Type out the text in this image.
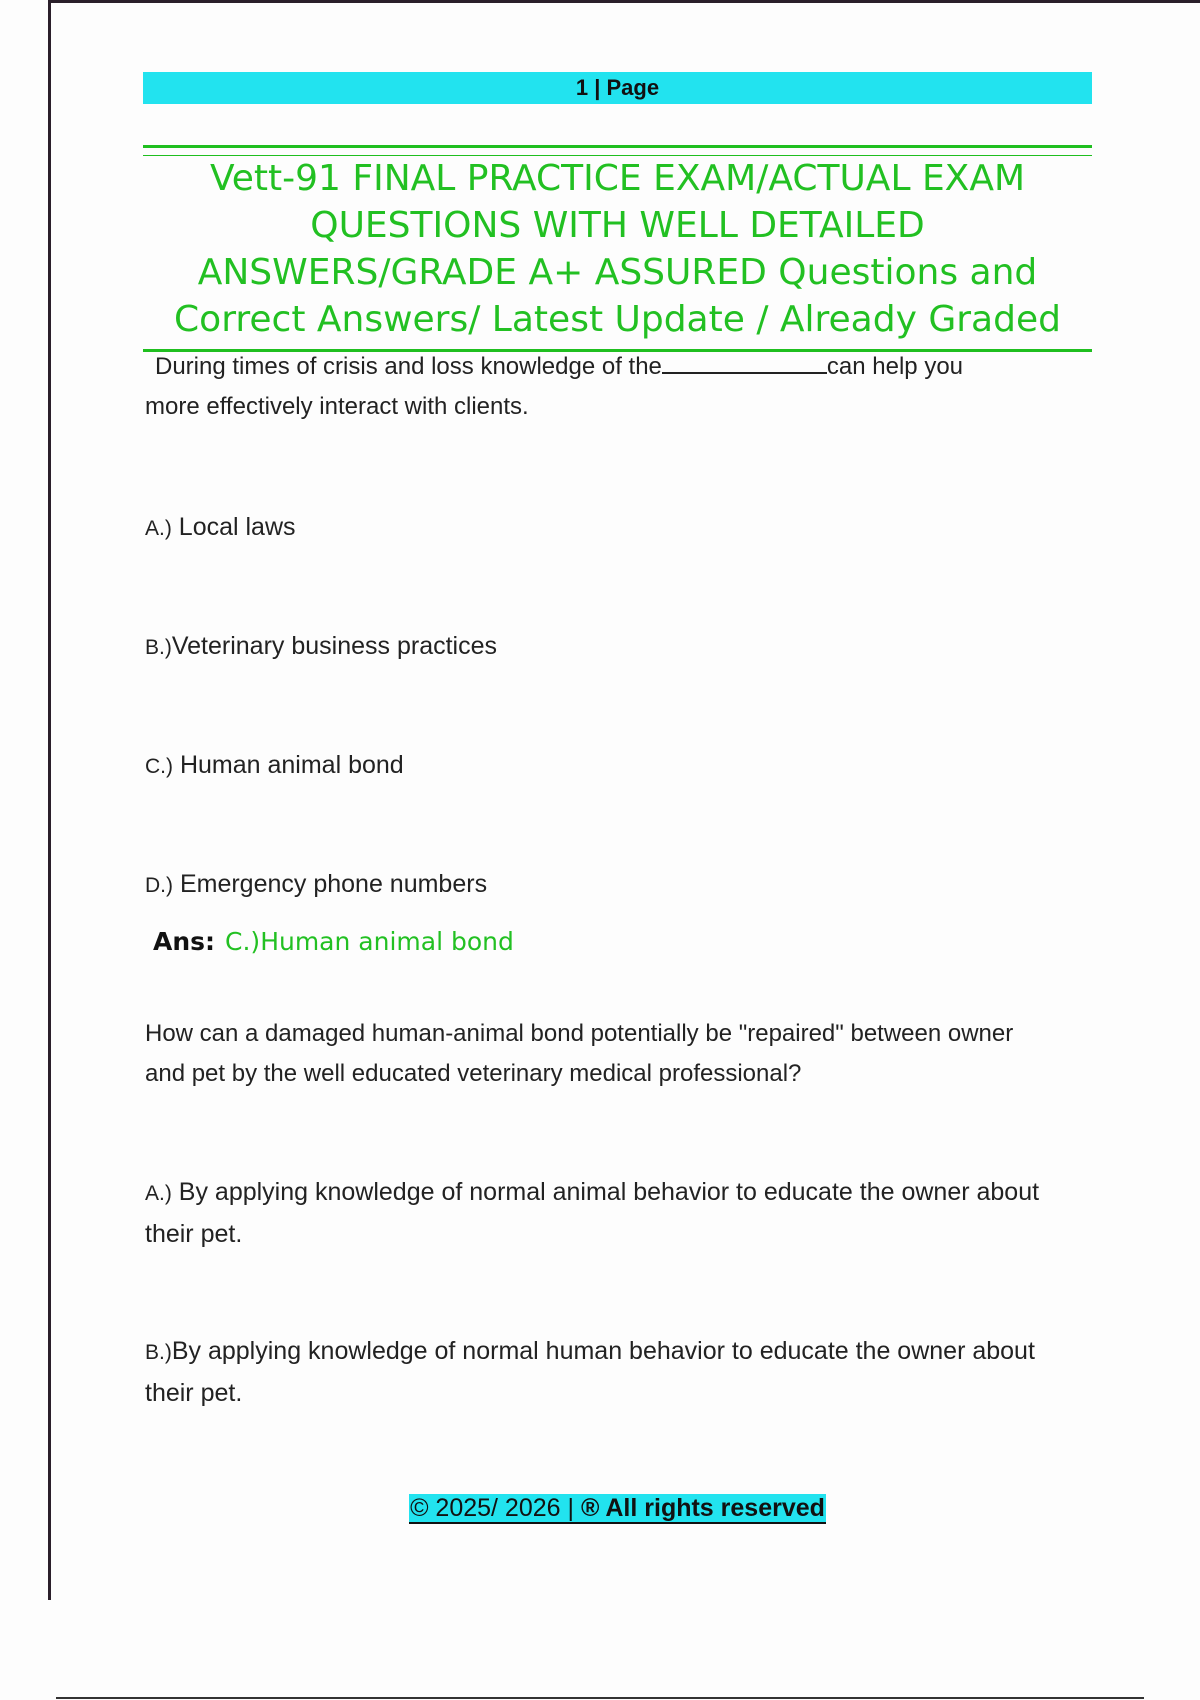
1 | Page
Vett-91 FINAL PRACTICE EXAM/ACTUAL EXAM
QUESTIONS WITH WELL DETAILED
ANSWERS/GRADE A+ ASSURED Questions and
Correct Answers/ Latest Update / Already Graded
During times of crisis and loss knowledge of the	can help you
more effectively interact with clients.
A.) Local laws
B.)Veterinary business practices
C.) Human animal bond
D.) Emergency phone numbers
Ans: C.)Human animal bond
How can a damaged human-animal bond potentially be "repaired" between owner
and pet by the well educated veterinary medical professional?
A.) By applying knowledge of normal animal behavior to educate the owner about
their pet.
B.)By applying knowledge of normal human behavior to educate the owner about
their pet.
© 2025/ 2026 | ® All rights reserved
